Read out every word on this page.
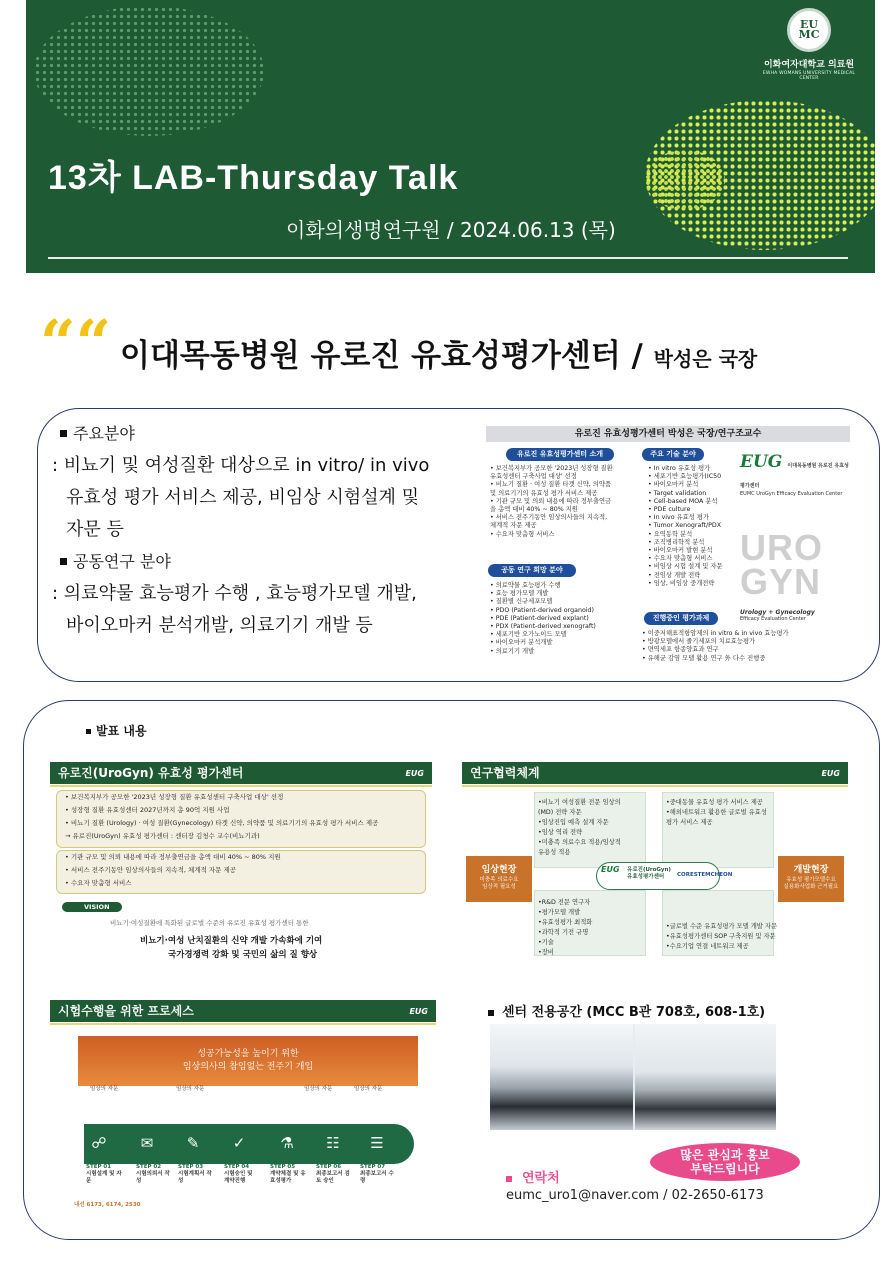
EU MC
이화여자대학교 의료원
EWHA WOMANS UNIVERSITY MEDICAL CENTER
13차 LAB-Thursday Talk
이화의생명연구원 / 2024.06.13 (목)
““ 이대목동병원 유로진 유효성평가센터 / 박성은 국장
주요분야
: 비뇨기 및 여성질환 대상으로 in vitro/ in vivo
유효성 평가 서비스 제공, 비임상 시험설계 및
자문 등
공동연구 분야
: 의료약물 효능평가 수행 , 효능평가모델 개발,
바이오마커 분석개발, 의료기기 개발 등
유로진 유효성평가센터 박성은 국장/연구조교수
유로진 유효성평가센터 소개
• 보건복지부가 공모한 '2023년 성장형 질환
유효성센터 구축사업 대상' 선정
• 비뇨기 질환 · 여성 질환 타겟 신약, 의약품
및 의료기기의 유효성 평가 서비스 제공
• 기관 규모 및 의뢰 내용에 따라 정부출연금
을 총액 대비 40% ~ 80% 지원
• 서비스 전주기동안 임상의사들의 지속적,
체계적 자문 제공
• 수요자 맞춤형 서비스
공동 연구 희망 분야
• 의료약물 효능평가 수행
• 효능 평가모델 개발
• 질환별 신규세포모델
• PDO (Patient-derived organoid)
• PDE (Patient-derived explant)
• PDX (Patient-derived xenograft)
• 세포기반 오가노이드 모델
• 바이오마커 분석개발
• 의료기기 개발
주요 기술 분야
• In vitro 유효성 평가
• 세포기반 효능평가(IC50
• 바이오마커 분석
• Target validation
• Cell-based MOA 분석
• PDE culture
• In vivo 유효성 평가
• Tumor Xenograft/PDX
• 요역동학 분석
• 조직병리학적 분석
• 바이오마커 발현 분석
• 수요자 맞춤형 서비스
• 비임상 시험 설계 및 자문
• 전임상 개발 전략
• 임상, 비임상 중개전략
진행중인 평가과제
• 이중저해표적항암제의 in vitro & in vivo 효능평가
• 방광모델에서 줄기세포의 치료효능평가
• 면역세포 항종양효과 연구
• 유해균 감염 모델 활용 연구 外 다수 진행중
EUG 이대목동병원 유로진 유효성평가센터
EUMC UroGyn Efficacy Evaluation Center
URO
GYN
Urology + Gynecology
Efficacy Evaluation Center
발표 내용
유로진(UroGyn) 유효성 평가센터	EUG
• 보건복지부가 공모한 '2023년 성장형 질환 유효성센터 구축사업 대상' 선정
• 성장형 질환 유효성센터 2027년까지 총 90억 지원 사업
• 비뇨기 질환 (Urology) · 여성 질환(Gynecology) 타겟 신약, 의약품 및 의료기기의 유효성 평가 서비스 제공
→ 유로진(UroGyn) 유효성 평가센터 : 센터장 김청수 교수(비뇨기과)
• 기관 규모 및 의뢰 내용에 따라 정부출연금을 총액 대비 40% ~ 80% 지원
• 서비스 전주기동안 임상의사들의 지속적, 체계적 자문 제공
• 수요자 맞춤형 서비스
VISION
비뇨기·여성질환에 특화된 글로벌 수준의 유로진 유효성 평가센터 통한
비뇨기·여성 난치질환의 신약 개발 가속화에 기여
국가경쟁력 강화 및 국민의 삶의 질 향상
연구협력체계	EUG
•비뇨기 여성질환 전문 임상의
(MD) 전략 자문
•임상진입 예측 설계 자문
•임상 역리 전략
•미충족 의료수요 적용/임상적
유용성 적용
•중대동물 유효성 평가 서비스 제공
•해외네트워크 활용한 글로벌 유효성
평가 서비스 제공
•R&D 전문 연구자
•평가모델 개발
•유효성평가 최적화
•과학적 기전 규명
•기술
•장비
•글로벌 수준 유효성평가 모델 개발 자문
•유효성평가센터 SOP 구축지원 및 자문
•수요기업 연결 네트워크 제공
임상현장
미충족 의료수요
임상적 필요성
개발현장
유효성 평가모델수요
실용화사업화 근거필요
EUG 유로진(UroGyn)
유효성평가센터	CORESTEMCHEON
시험수행을 위한 프로세스	EUG
성공가능성을 높이기 위한
임상의사의 참임없는 전주기 개입
임상의 자문	임상의 자문	임상의 자문	임상의 자문
☍	✉	✎	✓	⚗ ☷ ☰
STEP 01
시험설계 및 자문
STEP 02
시험의뢰서 작성
STEP 03
시험계획서 작성
STEP 04
시험승인 및 계약진행
STEP 05
계약체결 및 유효성평가
STEP 06
최종보고서 검토 승인
STEP 07
최종보고서 수령
내선 6173, 6174, 2530
센터 전용공간 (MCC B관 708호, 608-1호)
많은 관심과 홍보
부탁드립니다
연락처
eumc_uro1@naver.com / 02-2650-6173
